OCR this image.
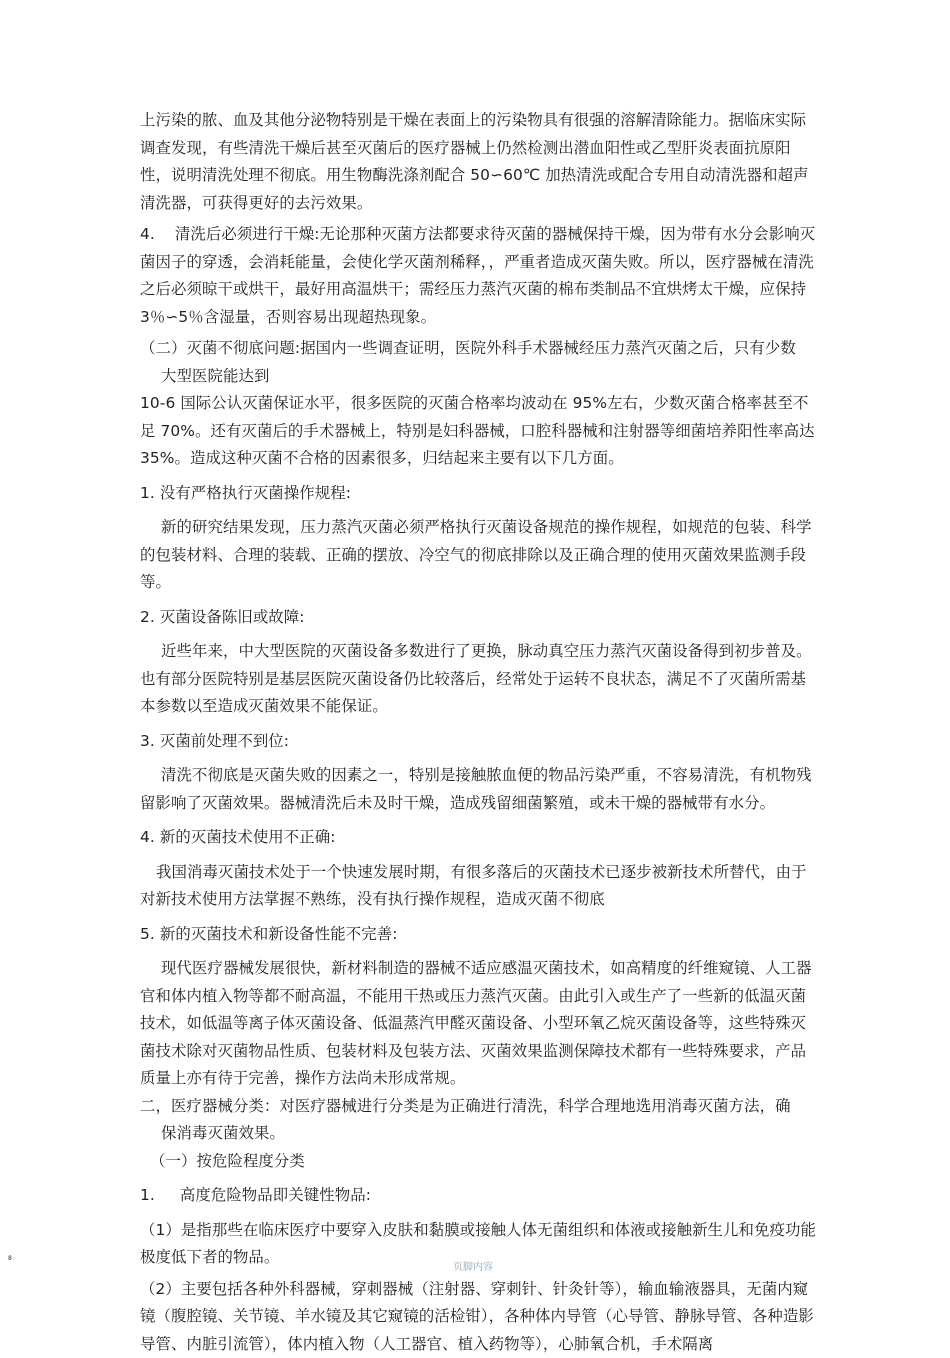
上污染的脓、血及其他分泌物特别是干燥在表面上的污染物具有很强的溶解清除能力。据临床实际调查发现，有些清洗干燥后甚至灭菌后的医疗器械上仍然检测出潜血阳性或乙型肝炎表面抗原阳性，说明清洗处理不彻底。用生物酶洗涤剂配合 50∽60℃ 加热清洗或配合专用自动清洗器和超声清洗器，可获得更好的去污效果。

4.    清洗后必须进行干燥:无论那种灭菌方法都要求待灭菌的器械保持干燥，因为带有水分会影响灭菌因子的穿透，会消耗能量，会使化学灭菌剂稀释，，严重者造成灭菌失败。所以，医疗器械在清洗之后必须晾干或烘干，最好用高温烘干；需经压力蒸汽灭菌的棉布类制品不宜烘烤太干燥，应保持 3％∽5％含湿量，否则容易出现超热现象。

（二）灭菌不彻底问题:据国内一些调查证明，医院外科手术器械经压力蒸汽灭菌之后，只有少数

大型医院能达到

10-6 国际公认灭菌保证水平，很多医院的灭菌合格率均波动在 95%左右，少数灭菌合格率甚至不足 70%。还有灭菌后的手术器械上，特别是妇科器械，口腔科器械和注射器等细菌培养阳性率高达 35%。造成这种灭菌不合格的因素很多，归结起来主要有以下几方面。

1. 没有严格执行灭菌操作规程:

新的研究结果发现，压力蒸汽灭菌必须严格执行灭菌设备规范的操作规程，如规范的包装、科学的包装材料、合理的装载、正确的摆放、冷空气的彻底排除以及正确合理的使用灭菌效果监测手段等。

2. 灭菌设备陈旧或故障:

近些年来，中大型医院的灭菌设备多数进行了更换，脉动真空压力蒸汽灭菌设备得到初步普及。也有部分医院特别是基层医院灭菌设备仍比较落后，经常处于运转不良状态，满足不了灭菌所需基本参数以至造成灭菌效果不能保证。

3. 灭菌前处理不到位:

清洗不彻底是灭菌失败的因素之一，特别是接触脓血便的物品污染严重，不容易清洗，有机物残留影响了灭菌效果。器械清洗后未及时干燥，造成残留细菌繁殖，或未干燥的器械带有水分。

4. 新的灭菌技术使用不正确:

我国消毒灭菌技术处于一个快速发展时期，有很多落后的灭菌技术已逐步被新技术所替代，由于对新技术使用方法掌握不熟练，没有执行操作规程，造成灭菌不彻底

5. 新的灭菌技术和新设备性能不完善:

现代医疗器械发展很快，新材料制造的器械不适应感温灭菌技术，如高精度的纤维窥镜、人工器官和体内植入物等都不耐高温，不能用干热或压力蒸汽灭菌。由此引入或生产了一些新的低温灭菌技术，如低温等离子体灭菌设备、低温蒸汽甲醛灭菌设备、小型环氧乙烷灭菌设备等，这些特殊灭菌技术除对灭菌物品性质、包装材料及包装方法、灭菌效果监测保障技术都有一些特殊要求，产品质量上亦有待于完善，操作方法尚未形成常规。

二，医疗器械分类：对医疗器械进行分类是为正确进行清洗，科学合理地选用消毒灭菌方法，确

保消毒灭菌效果。

（一）按危险程度分类

1.     高度危险物品即关键性物品:

（1）是指那些在临床医疗中要穿入皮肤和黏膜或接触人体无菌组织和体液或接触新生儿和免疫功能极度低下者的物品。

（2）主要包括各种外科器械，穿刺器械（注射器、穿刺针、针灸针等），输血输液器具，无菌内窥镜（腹腔镜、关节镜、羊水镜及其它窥镜的活检钳），各种体内导管（心导管、静脉导管、各种造影导管、内脏引流管），体内植入物（人工器官、植入药物等），心肺氧合机，手术隔离

8
页脚内容
